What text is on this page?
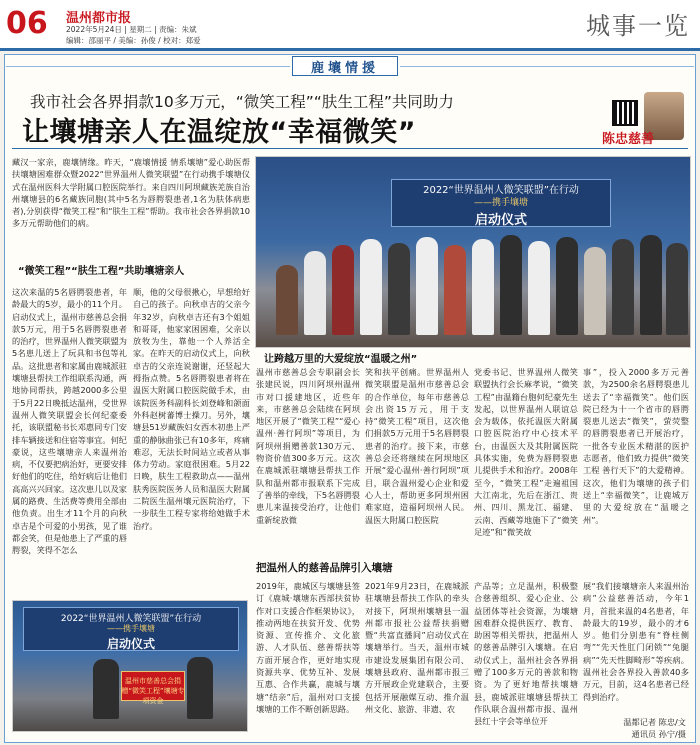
06 温州都市报
2022年5月24日 | 星期二 | 责编：朱斌
编辑：邵丽平 / 美编：孙俊 / 校对：郑爱
城事一览
鹿壤情援
我市社会各界捐款10多万元，“微笑工程”“肤生工程”共同助力
让壤塘亲人在温绽放“幸福微笑”	陈忠慈善
藏汉一家亲，鹿壤情缘。昨天，“鹿壤情援 情系壤塘”爱心助医帮扶壤塘困难群众暨2022“世界温州人微笑联盟”在行动携手壤塘仪式在温州医科大学附属口腔医院举行。来自四川阿坝藏族羌族自治州壤塘县的6名藏族同胞(其中5名为唇腭裂患者,1名为肤体病患者),分别获得“微笑工程”和“肤生工程”帮助。我市社会各界捐款10多万元帮助他们的病。
“微笑工程”“肤生工程”共助壤塘亲人
这次来温的5名唇腭裂患者，年龄最大的5岁，最小的11个月。启动仪式上，温州市慈善总会捐款5万元，用于5名唇腭裂患者的治疗，世界温州人微笑联盟为5名患儿送上了玩具和书包等礼品。这批患者和家属由鹿城派驻壤塘县帮扶工作组联系沟通，两地协同帮扶，跨越2000多公里于5月22日晚抵达温州，受世界温州人微笑联盟会长何纪豪委托，该联盟秘书长邓惠同专门安排车辆接送和住宿等事宜。何纪豪说，这些壤塘亲人来温州治病，不仅要把病治好，更要安排好他们的吃住，给好病后让他们高高兴兴回家。这次患儿以及家属的路费、生活费等费用全部由他负责。出生才11个月的向秋卓吉是个可爱的小男孩，见了谁都会笑，但是他患上了严重的唇腭裂，笑得不怎么
顺，他的父母很揪心，早想给好自己的孩子。向秋卓吉的父亲今年32岁，向秋卓吉还有3个姐姐和哥哥，他家家困困难，父亲以放牧为生，靠他一个人养活全家。在昨天的启动仪式上，向秋卓吉的父亲连说谢谢，还竖起大拇指点赞。5名唇腭裂患者将在温医大附属口腔医院做手术，由该院医务科副科长刘登峰和颌面外科赵树蕃博士操刀。另外，壤塘县51岁藏族妇女西木初患上严重的静脉曲张已有10多年，疼痛难忍，无法长时间站立或者从事体力劳动。家庭很困难。5月22日晚，肤生工程救助点——温州肤秀医院医务人员和温医大附属二院医生温州壤元医院治疗，下一步肤生工程专家将给她做手术治疗。
2022“世界温州人微笑联盟”在行动
——携手壤塘
启动仪式
让跨越万里的大爱绽放“温暖之州”
温州市慈善总会专职副会长张建民说，四川阿坝州温州市对口援建地区，近些年来，市慈善总会陆续在阿坝地区开展了“微笑工程”“爱心温州·善行阿坝”等项目，为阿坝州捐赠善款130万元、物资价值300多万元。这次在鹿城派驻壤塘县帮扶工作队和温州都市报联系下完成了善举的牵线，下5名唇腭裂患儿来温接受治疗，让他们重新绽放微
笑和扶平创痛。世界温州人微笑联盟是温州市慈善总会的合作单位，每年市慈善总会出资15万元，用于支持“微笑工程”项目，这次他们捐款5万元用于5名唇腭裂患者的治疗。接下来，市慈善总会还将继续在阿坝地区开展“爱心温州·善行阿坝”项目，联合温州爱心企业和爱心人士，帮助更多阿坝州困难家庭，造福阿坝州人民。温医大附属口腔医院
党委书记、世界温州人微笑联盟执行会长麻孝说，“微笑工程”由温籍台胞何纪豪先生发起，以世界温州人联谊总会为载体，依托温医大附属口腔医院治疗中心技术平台，由温医大及其附属医院具体实施，免费为唇腭裂患儿提供手术和治疗。2008年至今，“微笑工程”走遍祖国大江南北，先后在浙江、贵州、四川、黑龙江、福建、云南、西藏等地施下了“微笑足迹”和“微笑故
事”，投入2000多万元善款，为2500余名唇腭裂患儿送去了“幸福微笑”。他们医院已经为十一个省市的唇腭裂患儿送去“微笑”，萤荧整的唇腭裂患者已开展治疗，一批各专业医术精湛的医护志愿者，他们致力提供“微笑工程 善行天下”的大爱精神。这次，他们为壤塘的孩子们送上“幸福微笑”，让鹿城万里的大爱绽放在“温暖之州”。
把温州人的慈善品牌引入壤塘
2019年，鹿城区与壤塘县签订《鹿城·壤塘东西部扶贫协作对口支援合作框架协议》，推动两地在扶贫开发、优势资源、宣传推介、文化旅游、人才队伍、慈善帮扶等方面开展合作，更好地实现资源共享、优势互补、发展互惠、合作共赢，鹿城与壤塘“结亲”后，温州对口支援壤塘的工作不断创新思路。
2021年9月23日，在鹿城派驻壤塘县帮扶工作队的牵头对接下，阿坝州壤塘县一温州都市报社公益帮扶捐赠暨“共富直播间”启动仪式在壤塘举行。当天，温州市城市建设发展集团有限公司、壤塘县政府、温州都市报三方开展政企党建联合，主要包括开展融媒互动、推介温州文化、旅游、非遗、农
产品等；立足温州，积极整合慈善组织、爱心企业、公益团体等社会资源，为壤塘困难群众提供医疗、教育、助困等相关帮扶，把温州人的慈善品牌引入壤塘。在启动仪式上，温州社会各界捐赠了100多万元的善款和物资。为了更好地帮扶壤塘县，鹿城派驻壤塘县帮扶工作队联合温州都市报、温州县红十字会等单位开
展“我们接壤塘亲人来温州治病”公益慈善活动，今年1月，首批来温的4名患者，年龄最大的19岁，最小的才6岁。他们分别患有“脊柱侧弯”“先天性肛门闭锁”“兔腿病”“先天性脚畸形”等疾病。温州社会各界投入善款40多万元，目前，这4名患者已经得到治疗。
2022“世界温州人微笑联盟”在行动
——携手壤塘
启动仪式
温州市慈善总会捐赠“微笑工程”壤塘专项资金
温都记者 陈忠/文
通讯员 孙宁/摄
